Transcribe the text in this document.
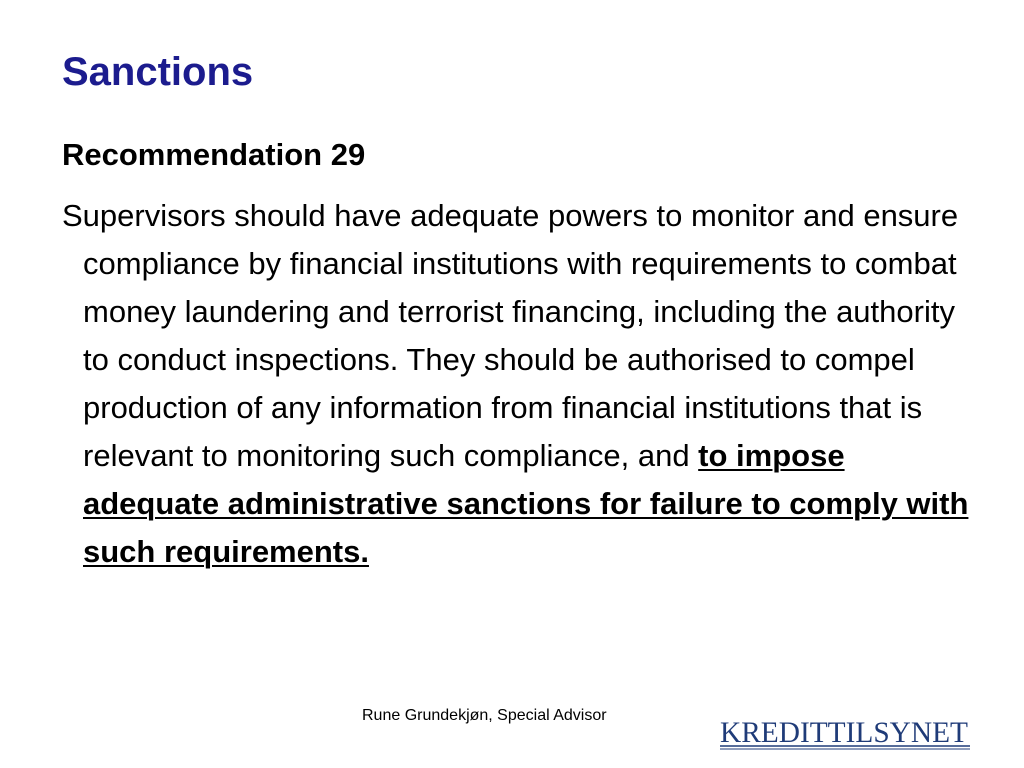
Sanctions
Recommendation 29

Supervisors should have adequate powers to monitor and ensure compliance by financial institutions with requirements to combat money laundering and terrorist financing, including the authority to conduct inspections. They should be authorised to compel production of any information from financial institutions that is relevant to monitoring such compliance, and to impose adequate administrative sanctions for failure to comply with such requirements.

Rune Grundekjøn, Special Advisor

KREDITTILSYNET
